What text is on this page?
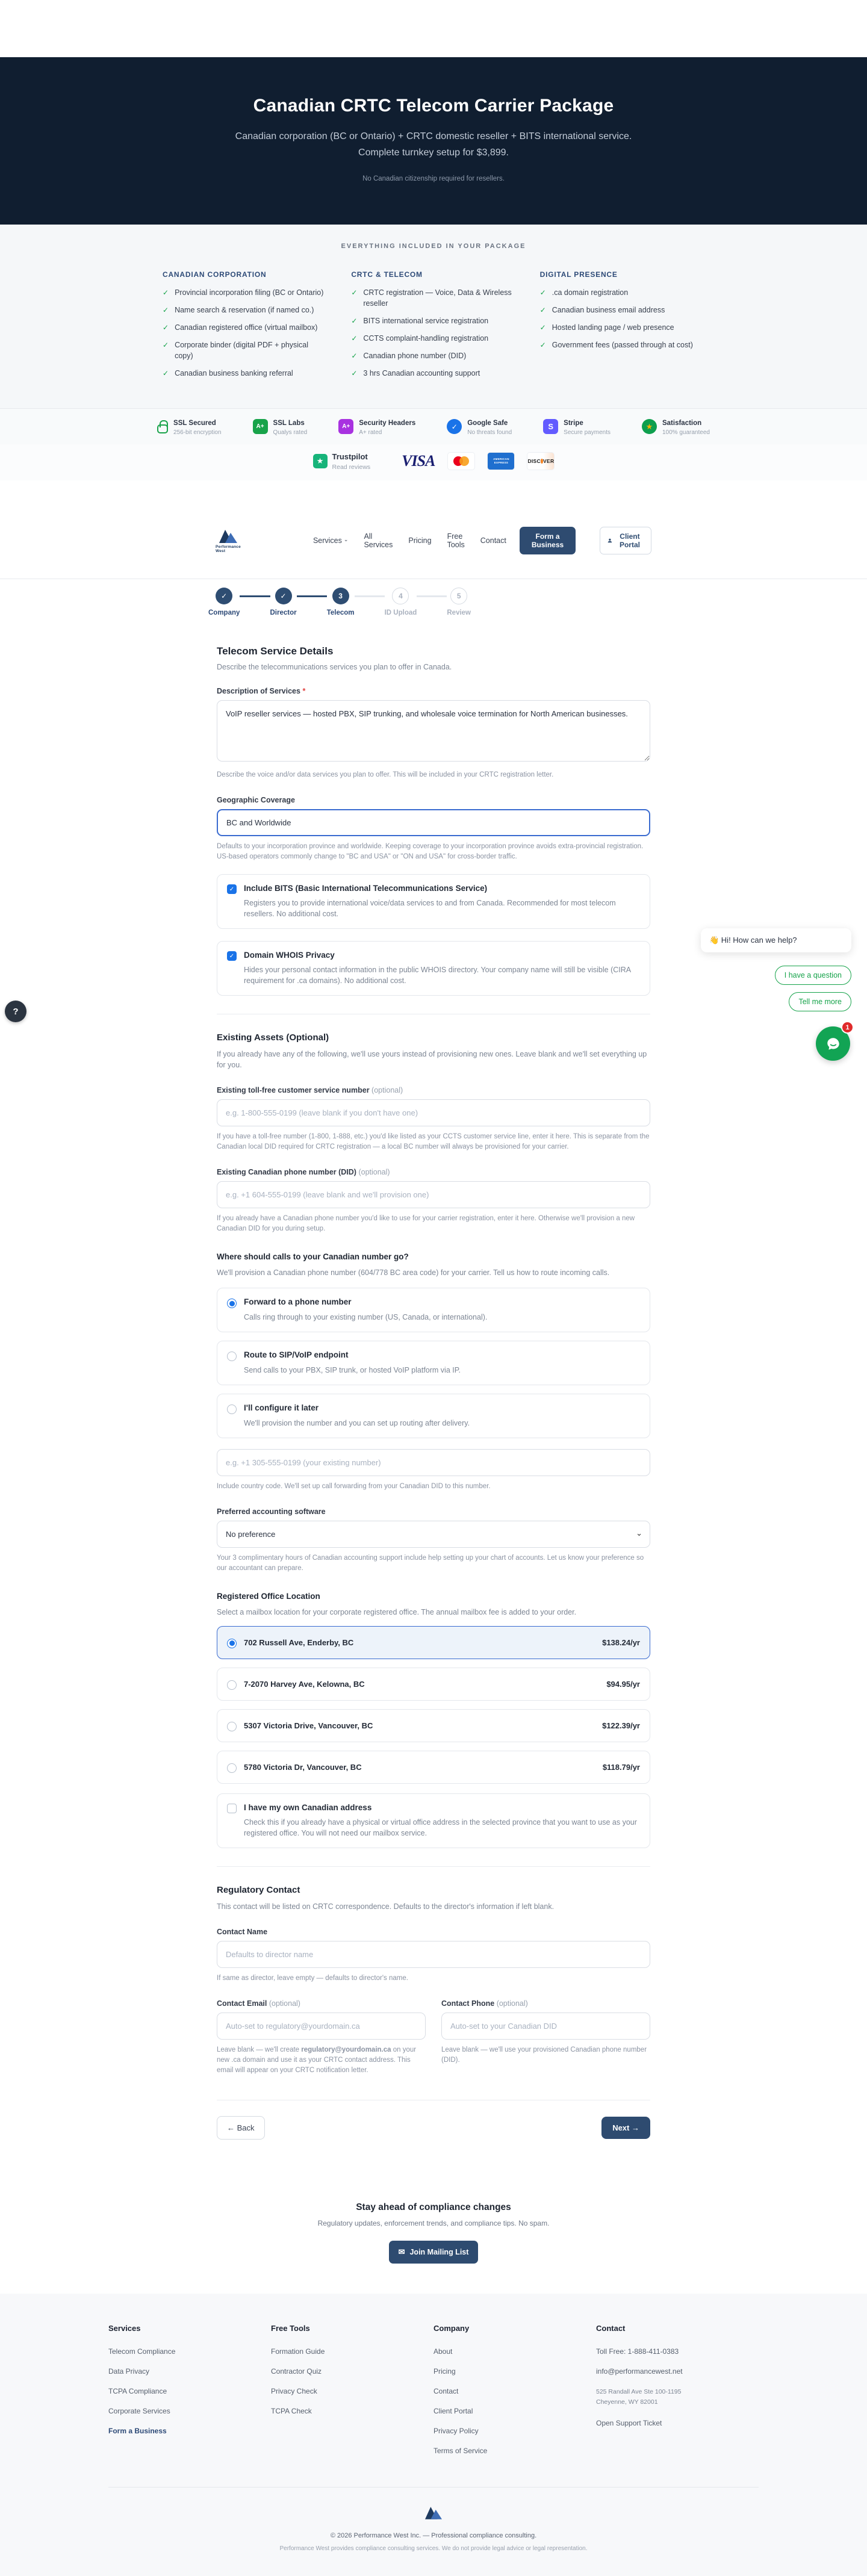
Canadian CRTC Telecom Carrier Package
Canadian corporation (BC or Ontario) + CRTC domestic reseller + BITS international service. Complete turnkey setup for $3,899.
No Canadian citizenship required for resellers.
EVERYTHING INCLUDED IN YOUR PACKAGE
CANADIAN CORPORATION
✓
Provincial incorporation filing (BC or Ontario)
✓
Name search & reservation (if named co.)
✓
Canadian registered office (virtual mailbox)
✓
Corporate binder (digital PDF + physical copy)
✓
Canadian business banking referral
CRTC & TELECOM
✓
CRTC registration — Voice, Data & Wireless reseller
✓
BITS international service registration
✓
CCTS complaint-handling registration
✓
Canadian phone number (DID)
✓
3 hrs Canadian accounting support
DIGITAL PRESENCE
✓
.ca domain registration
✓
Canadian business email address
✓
Hosted landing page / web presence
✓
Government fees (passed through at cost)
SSL Secured
256-bit encryption
A+
SSL Labs
Qualys rated
A+
Security Headers
A+ rated
✓
Google Safe
No threats found
S
Stripe
Secure payments
★
Satisfaction
100% guaranteed
★
Trustpilot
Read reviews VISA	AMERICAN
EXPRESS	DISC VER
Performance West
Services⌄	All Services Pricing Free Tools Contact	Form a Business
Client Portal
✓
Company
✓	Director
3
Telecom
4
ID Upload
5
Review
Telecom Service Details
Describe the telecommunications services you plan to offer in Canada.
Description of Services *
VoIP reseller services — hosted PBX, SIP trunking, and wholesale voice termination for North American businesses.
Describe the voice and/or data services you plan to offer. This will be included in your CRTC registration letter.
Geographic Coverage
BC and Worldwide
Defaults to your incorporation province and worldwide. Keeping coverage to your incorporation province avoids extra-provincial registration. US-based operators commonly change to "BC and USA" or "ON and USA" for cross-border traffic.
✓
Include BITS (Basic International Telecommunications Service)
Registers you to provide international voice/data services to and from Canada. Recommended for most telecom resellers. No additional cost.
✓
Domain WHOIS Privacy
Hides your personal contact information in the public WHOIS directory. Your company name will still be visible (CIRA requirement for .ca domains). No additional cost.
Existing Assets (Optional)
If you already have any of the following, we'll use yours instead of provisioning new ones. Leave blank and we'll set everything up for you.
Existing toll-free customer service number (optional)
e.g. 1-800-555-0199 (leave blank if you don't have one)
If you have a toll-free number (1-800, 1-888, etc.) you'd like listed as your CCTS customer service line, enter it here. This is separate from the Canadian local DID required for CRTC registration — a local BC number will always be provisioned for your carrier.
Existing Canadian phone number (DID) (optional)
e.g. +1 604-555-0199 (leave blank and we'll provision one)
If you already have a Canadian phone number you'd like to use for your carrier registration, enter it here. Otherwise we'll provision a new Canadian DID for you during setup.
Where should calls to your Canadian number go?
We'll provision a Canadian phone number (604/778 BC area code) for your carrier. Tell us how to route incoming calls.
Forward to a phone number
Calls ring through to your existing number (US, Canada, or international).
Route to SIP/VoIP endpoint
Send calls to your PBX, SIP trunk, or hosted VoIP platform via IP.
I'll configure it later
We'll provision the number and you can set up routing after delivery.
e.g. +1 305-555-0199 (your existing number)
Include country code. We'll set up call forwarding from your Canadian DID to this number.
Preferred accounting software
No preference
⌄
Your 3 complimentary hours of Canadian accounting support include help setting up your chart of accounts. Let us know your preference so our accountant can prepare.
Registered Office Location
Select a mailbox location for your corporate registered office. The annual mailbox fee is added to your order.
702 Russell Ave, Enderby, BC	$138.24/yr
7-2070 Harvey Ave, Kelowna, BC	$94.95/yr
5307 Victoria Drive, Vancouver, BC	$122.39/yr
5780 Victoria Dr, Vancouver, BC	$118.79/yr
I have my own Canadian address
Check this if you already have a physical or virtual office address in the selected province that you want to use as your registered office. You will not need our mailbox service.
Regulatory Contact
This contact will be listed on CRTC correspondence. Defaults to the director's information if left blank.
Contact Name
Defaults to director name
If same as director, leave empty — defaults to director's name.
Contact Email (optional)
Auto-set to regulatory@yourdomain.ca
Leave blank — we'll create regulatory@yourdomain.ca on your new .ca domain and use it as your CRTC contact address. This email will appear on your CRTC notification letter.
Contact Phone (optional)
Auto-set to your Canadian DID
Leave blank — we'll use your provisioned Canadian phone number (DID).
← Back	Next →
Stay ahead of compliance changes

Regulatory updates, enforcement trends, and compliance tips. No spam.

✉
Join Mailing List
Services
Telecom Compliance
Data Privacy
TCPA Compliance
Corporate Services
Form a Business
Free Tools
Formation Guide
Contractor Quiz
Privacy Check
TCPA Check
Company
About
Pricing
Contact
Client Portal
Privacy Policy
Terms of Service
Contact
Toll Free: 1-888-411-0383
info@performancewest.net
525 Randall Ave Ste 100-1195
Cheyenne, WY 82001
Open Support Ticket
© 2026 Performance West Inc. — Professional compliance consulting.
Performance West provides compliance consulting services. We do not provide legal advice or legal representation.
?
👋 Hi! How can we help?
I have a question
Tell me more
1
